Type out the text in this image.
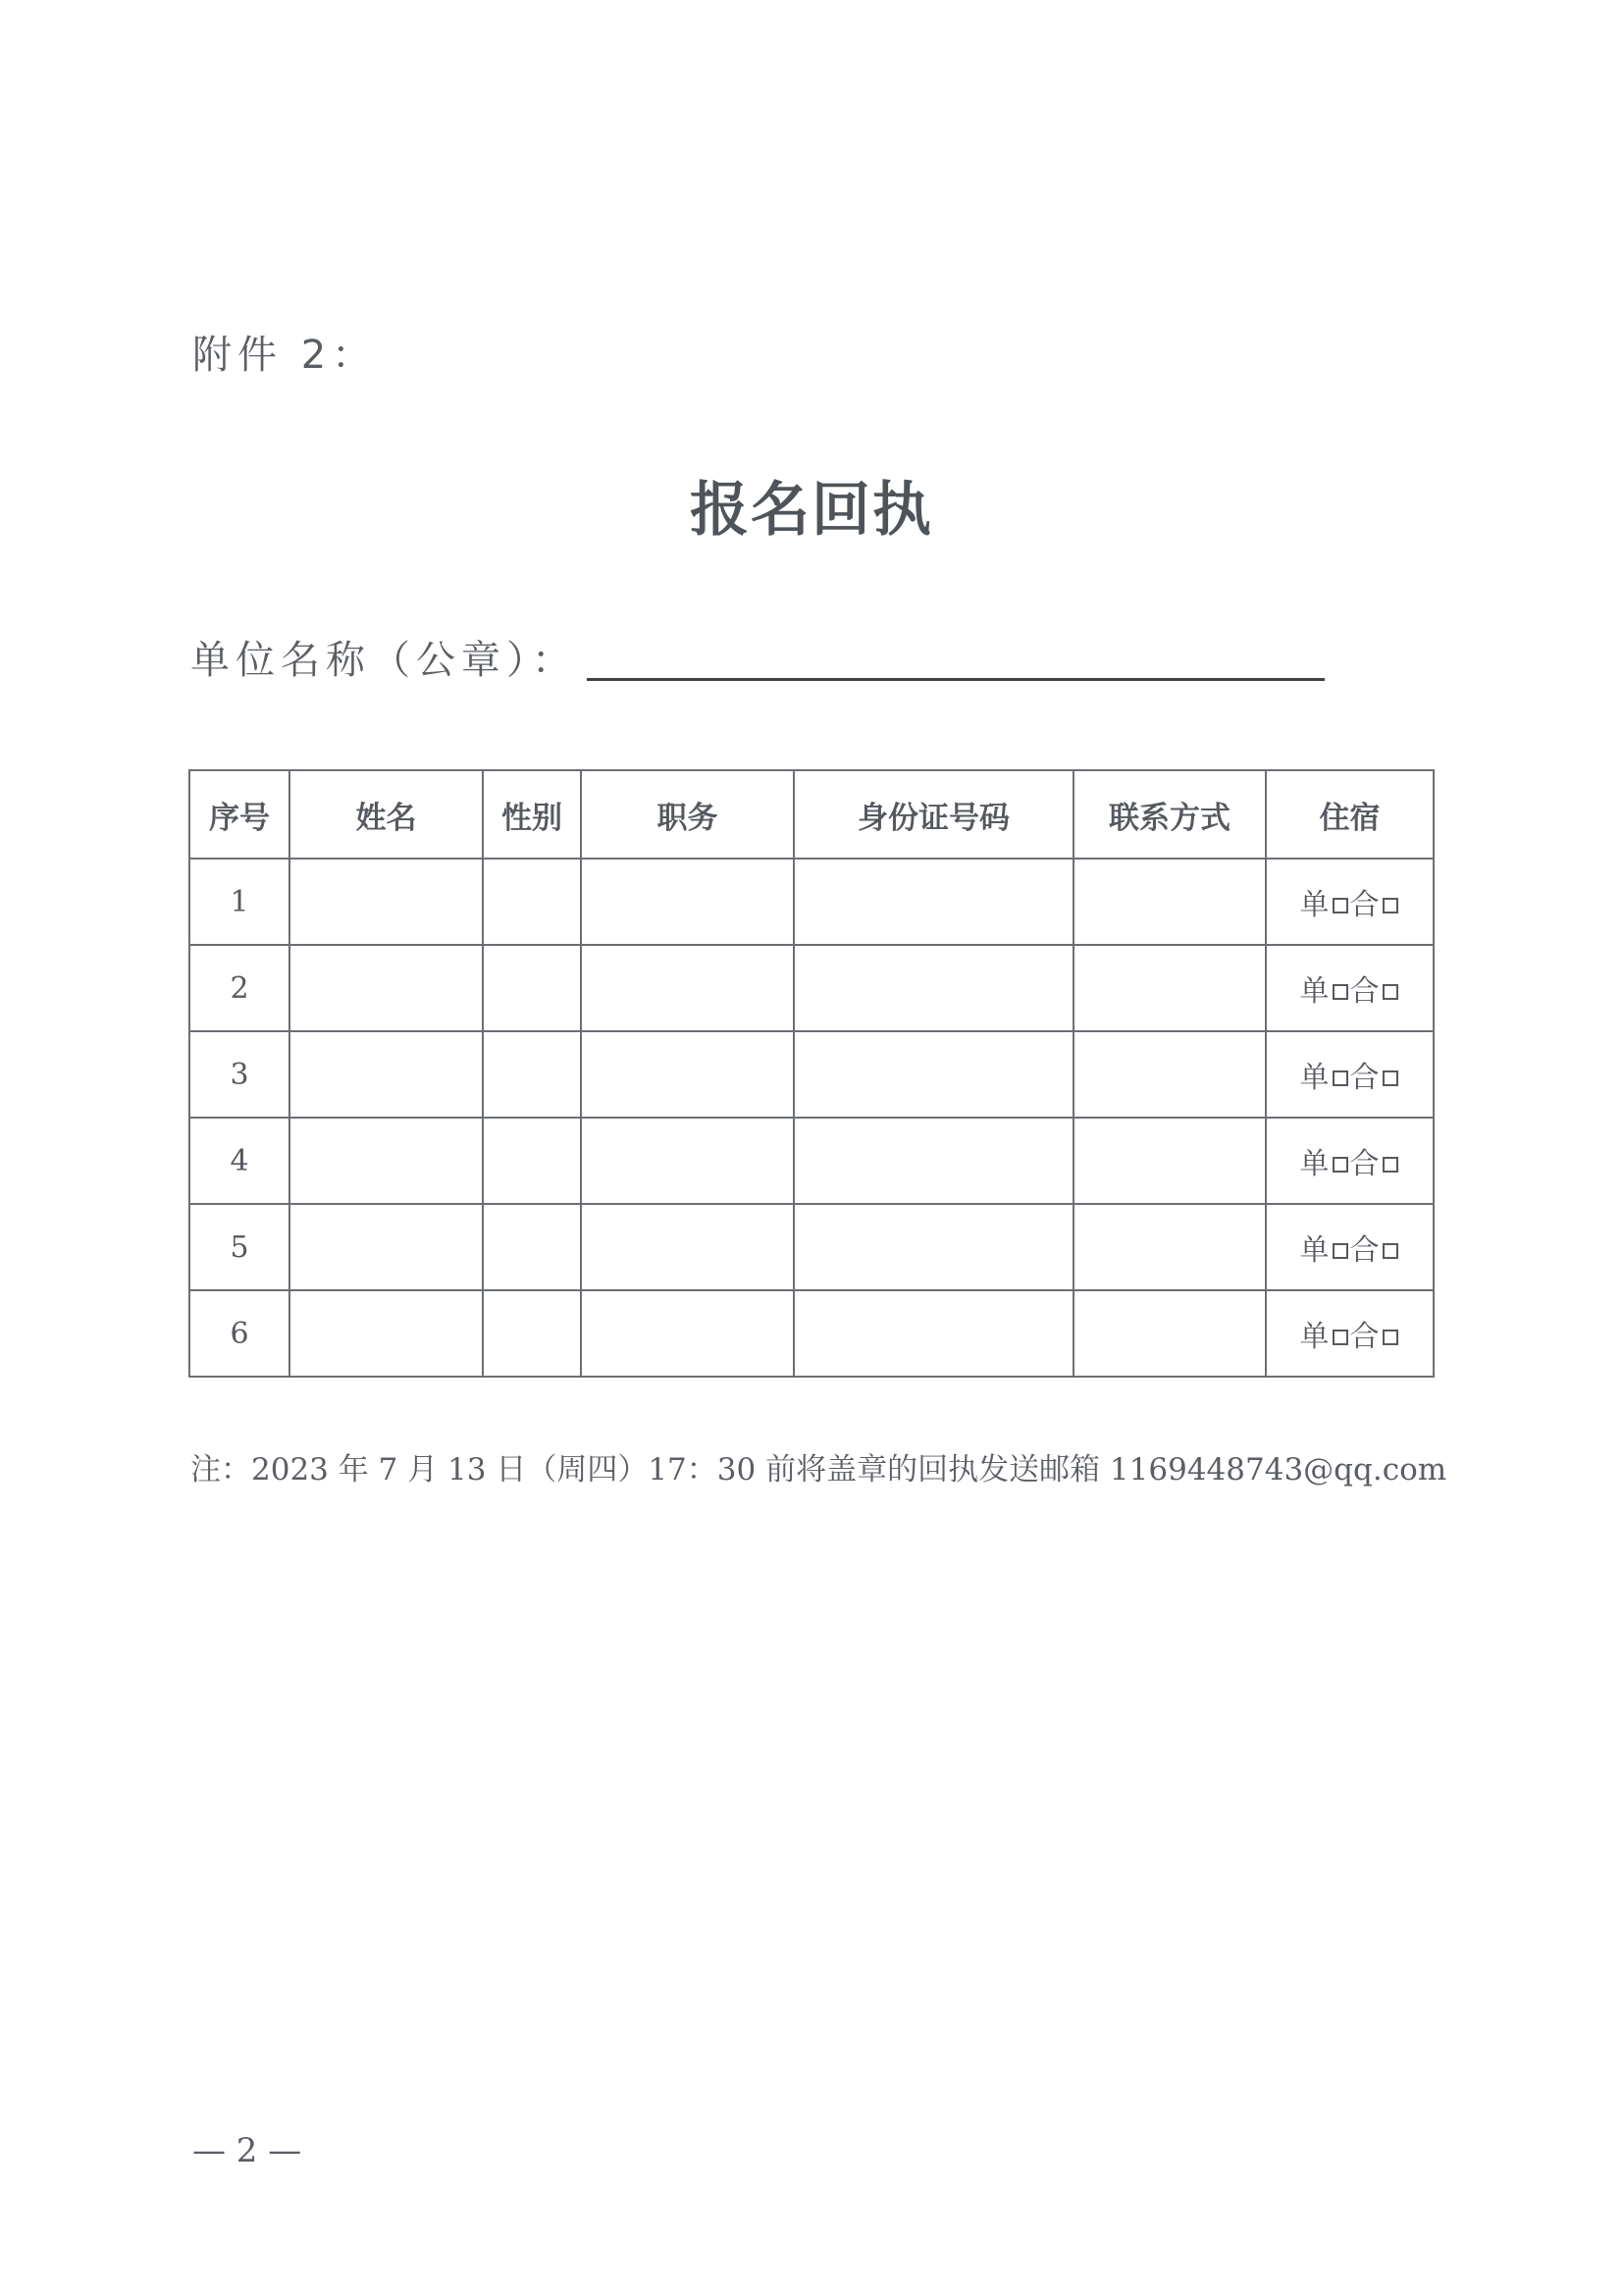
附件 2：
报名回执
单位名称（公章）：
序号	姓名	性别	职务	身份证号码	联系方式	住宿
1						单 合
2						单 合
3						单 合
4						单 合
5						单 合
6						单 合
注：2023 年 7 月 13 日（周四）17：30 前将盖章的回执发送邮箱 1169448743@qq.com
— 2 —
